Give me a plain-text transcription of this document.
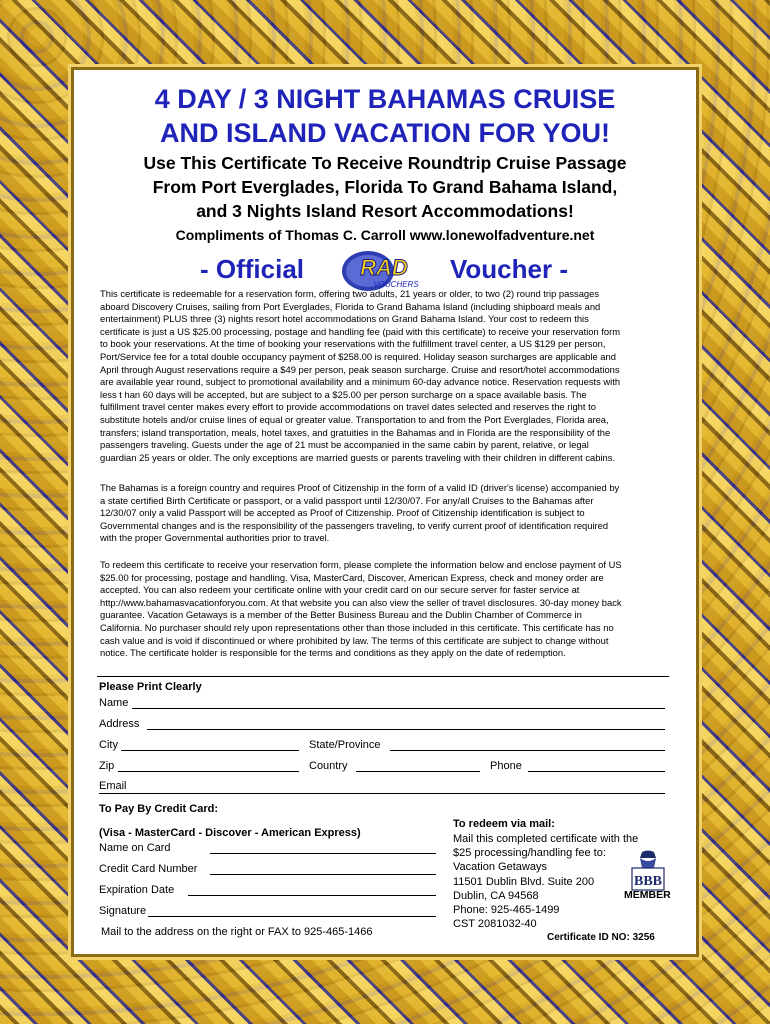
4 DAY / 3 NIGHT BAHAMAS CRUISE
AND ISLAND VACATION FOR YOU!
Use This Certificate To Receive Roundtrip Cruise Passage
From Port Everglades, Florida To Grand Bahama Island,
and 3 Nights Island Resort Accommodations!
Compliments of Thomas C. Carroll www.lonewolfadventure.net
- Official	RAD
VOUCHERS
Voucher -
This certificate is redeemable for a reservation form, offering two adults, 21 years or older, to two (2) round trip passages
aboard Discovery Cruises, sailing from Port Everglades, Florida to Grand Bahama Island (including shipboard meals and
entertainment) PLUS three (3) nights resort hotel accommodations on Grand Bahama Island. Your cost to redeem this
certificate is just a US $25.00 processing, postage and handling fee (paid with this certificate) to receive your reservation form
to book your reservations. At the time of booking your reservations with the fulfillment travel center, a US $129 per person,
Port/Service fee for a total double occupancy payment of $258.00 is required. Holiday season surcharges are applicable and
April through August reservations require a $49 per person, peak season surcharge. Cruise and resort/hotel accommodations
are available year round, subject to promotional availability and a minimum 60-day advance notice. Reservation requests with
less t han 60 days will be accepted, but are subject to a $25.00 per person surcharge on a space available basis. The
fulfillment travel center makes every effort to provide accommodations on travel dates selected and reserves the right to
substitute hotels and/or cruise lines of equal or greater value. Transportation to and from the Port Everglades, Florida area,
transfers; island transportation, meals, hotel taxes, and gratuities in the Bahamas and in Florida are the responsibility of the
passengers traveling. Guests under the age of 21 must be accompanied in the same cabin by parent, relative, or legal
guardian 25 years or older. The only exceptions are married guests or parents traveling with their children in different cabins.
The Bahamas is a foreign country and requires Proof of Citizenship in the form of a valid ID (driver's license) accompanied by
a state certified Birth Certificate or passport, or a valid passport until 12/30/07. For any/all Cruises to the Bahamas after
12/30/07 only a valid Passport will be accepted as Proof of Citizenship. Proof of Citizenship identification is subject to
Governmental changes and is the responsibility of the passengers traveling, to verify current proof of identification required
with the proper Governmental authorities prior to travel.
To redeem this certificate to receive your reservation form, please complete the information below and enclose payment of US
$25.00 for processing, postage and handling. Visa, MasterCard, Discover, American Express, check and money order are
accepted. You can also redeem your certificate online with your credit card on our secure server for faster service at
http://www.bahamasvacationforyou.com. At that website you can also view the seller of travel disclosures. 30-day money back
guarantee. Vacation Getaways is a member of the Better Business Bureau and the Dublin Chamber of Commerce in
California. No purchaser should rely upon representations other than those included in this certificate. This certificate has no
cash value and is void if discontinued or where prohibited by law. The terms of this certificate are subject to change without
notice. The certificate holder is responsible for the terms and conditions as they apply on the date of redemption.
Please Print Clearly
Name
Address
City	State/Province
Zip	Country	Phone
Email
To Pay By Credit Card:
(Visa - MasterCard - Discover - American Express)
Name on Card
Credit Card Number
Expiration Date
Signature
Mail to the address on the right or FAX to 925-465-1466
To redeem via mail:
Mail this completed certificate with the
$25 processing/handling fee to:
Vacation Getaways
11501 Dublin Blvd. Suite 200
Dublin, CA 94568
Phone: 925-465-1499
CST 2081032-40
BBB
MEMBER
Certificate ID NO: 3256
